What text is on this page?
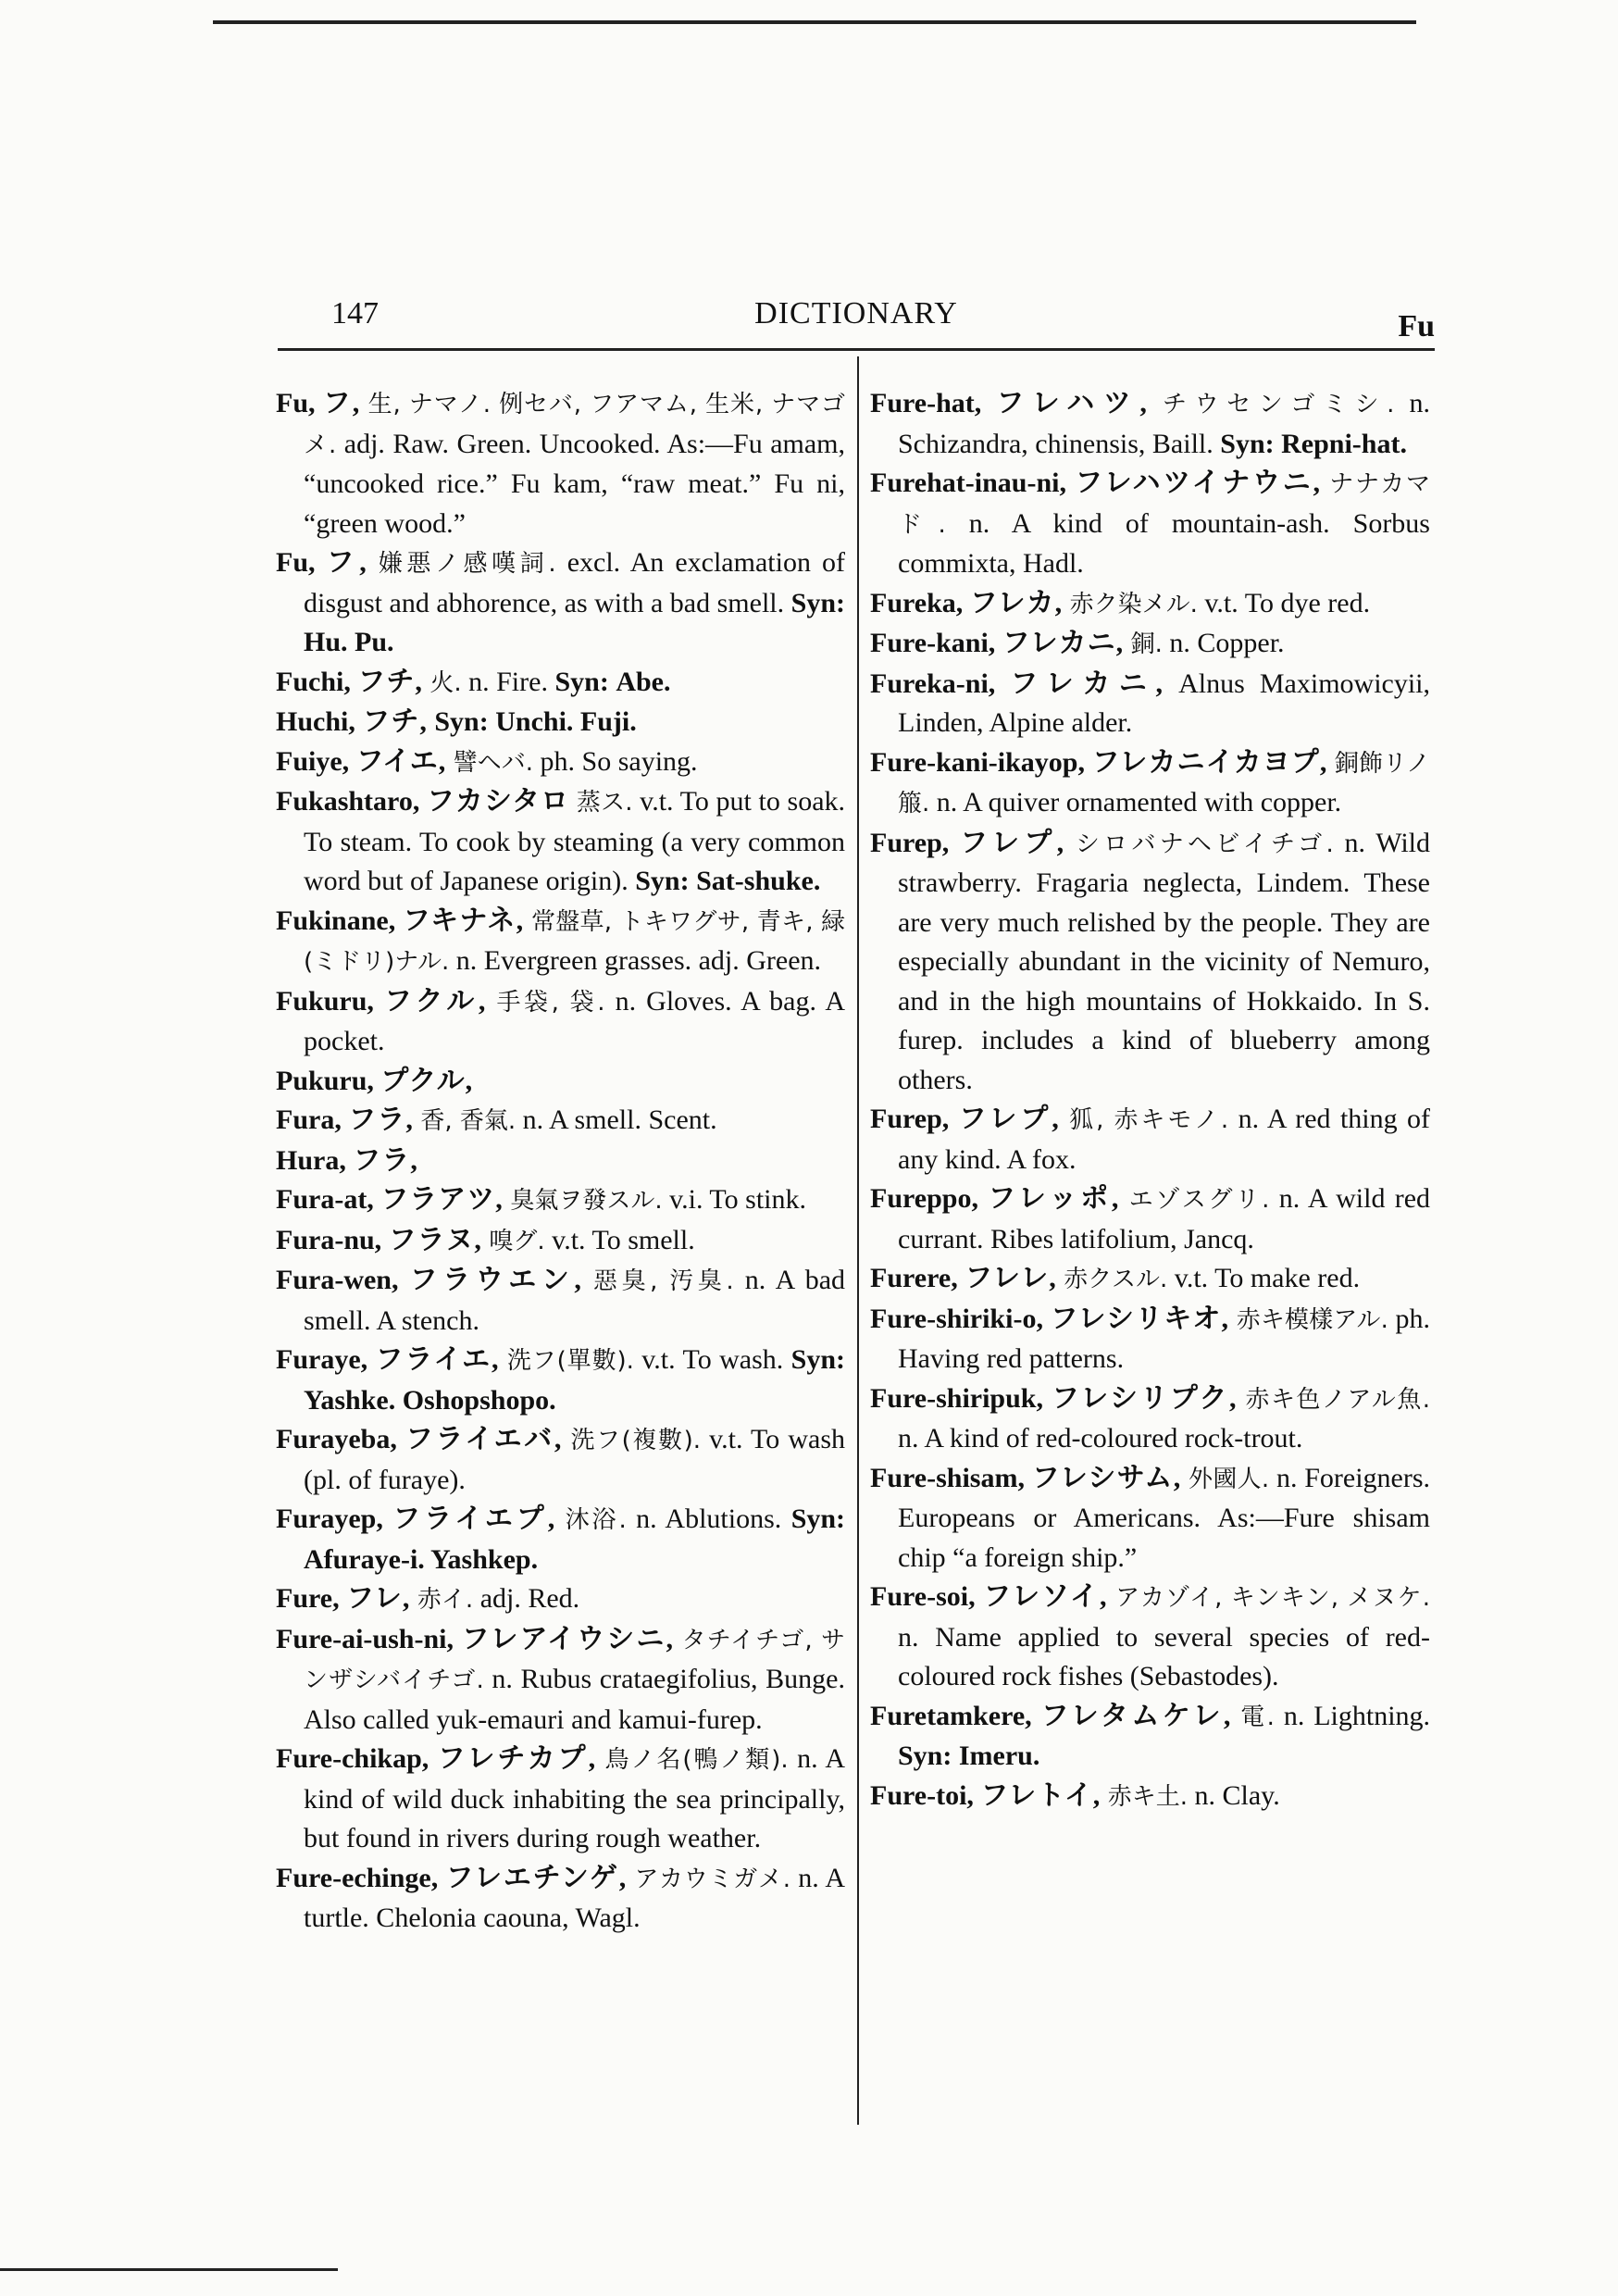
147	DICTIONARY	Fu

Fu, フ, 生, ナマノ. 例セバ, フアマム, 生米, ナマゴメ. adj. Raw. Green. Uncooked. As:—Fu amam, “uncooked rice.” Fu kam, “raw meat.” Fu ni, “green wood.”

Fu, フ, 嫌悪ノ感嘆詞. excl. An exclamation of disgust and abhorence, as with a bad smell. Syn: Hu. Pu.

Fuchi, フチ, 火. n. Fire. Syn: Abe.

Huchi, フチ, Syn: Unchi. Fuji.

Fuiye, フイエ, 譬ヘバ. ph. So saying.

Fukashtaro, フカシタロ 蒸ス. v.t. To put to soak. To steam. To cook by steaming (a very common word but of Japanese origin). Syn: Sat-shuke.

Fukinane, フキナネ, 常盤草, トキワグサ, 青キ, 緑(ミドリ)ナル. n. Evergreen grasses. adj. Green.

Fukuru, フクル, 手袋, 袋. n. Gloves. A bag. A pocket.

Pukuru, プクル,

Fura, フラ, 香, 香氣. n. A smell. Scent.

Hura, フラ,

Fura-at, フラアツ, 臭氣ヲ發スル. v.i. To stink.

Fura-nu, フラヌ, 嗅グ. v.t. To smell.

Fura-wen, フラウエン, 惡臭, 汚臭. n. A bad smell. A stench.

Furaye, フライエ, 洗フ(單數). v.t. To wash. Syn: Yashke. Oshopshopo.

Furayeba, フライエバ, 洗フ(複數). v.t. To wash (pl. of furaye).

Furayep, フライエプ, 沐浴. n. Ablutions. Syn: Afuraye-i. Yashkep.

Fure, フレ, 赤イ. adj. Red.

Fure-ai-ush-ni, フレアイウシニ, タチイチゴ, サンザシバイチゴ. n. Rubus crataegifolius, Bunge. Also called yuk-emauri and kamui-furep.

Fure-chikap, フレチカプ, 鳥ノ名(鴨ノ類). n. A kind of wild duck inhabiting the sea principally, but found in rivers during rough weather.

Fure-echinge, フレエチンゲ, アカウミガメ. n. A turtle. Chelonia caouna, Wagl.

Fure-hat, フレハツ, チウセンゴミシ. n. Schizandra, chinensis, Baill. Syn: Repni-hat.

Furehat-inau-ni, フレハツイナウニ, ナナカマド. n. A kind of mountain-ash. Sorbus commixta, Hadl.

Fureka, フレカ, 赤ク染メル. v.t. To dye red.

Fure-kani, フレカニ, 銅. n. Copper.

Fureka-ni, フレカニ, Alnus Maximowicyii, Linden, Alpine alder.

Fure-kani-ikayop, フレカニイカヨプ, 銅飾リノ箙. n. A quiver ornamented with copper.

Furep, フレプ, シロバナヘビイチゴ. n. Wild strawberry. Fragaria neglecta, Lindem. These are very much relished by the people. They are especially abundant in the vicinity of Nemuro, and in the high mountains of Hokkaido. In S. furep. includes a kind of blueberry among others.

Furep, フレプ, 狐, 赤キモノ. n. A red thing of any kind. A fox.

Fureppo, フレッポ, エゾスグリ. n. A wild red currant. Ribes latifolium, Jancq.

Furere, フレレ, 赤クスル. v.t. To make red.

Fure-shiriki-o, フレシリキオ, 赤キ模樣アル. ph. Having red patterns.

Fure-shiripuk, フレシリプク, 赤キ色ノアル魚. n. A kind of red-coloured rock-trout.

Fure-shisam, フレシサム, 外國人. n. Foreigners. Europeans or Americans. As:—Fure shisam chip “a foreign ship.”

Fure-soi, フレソイ, アカゾイ, キンキン, メヌケ. n. Name applied to several species of red-coloured rock fishes (Sebastodes).

Furetamkere, フレタムケレ, 電. n. Lightning. Syn: Imeru.

Fure-toi, フレトイ, 赤キ土. n. Clay.
